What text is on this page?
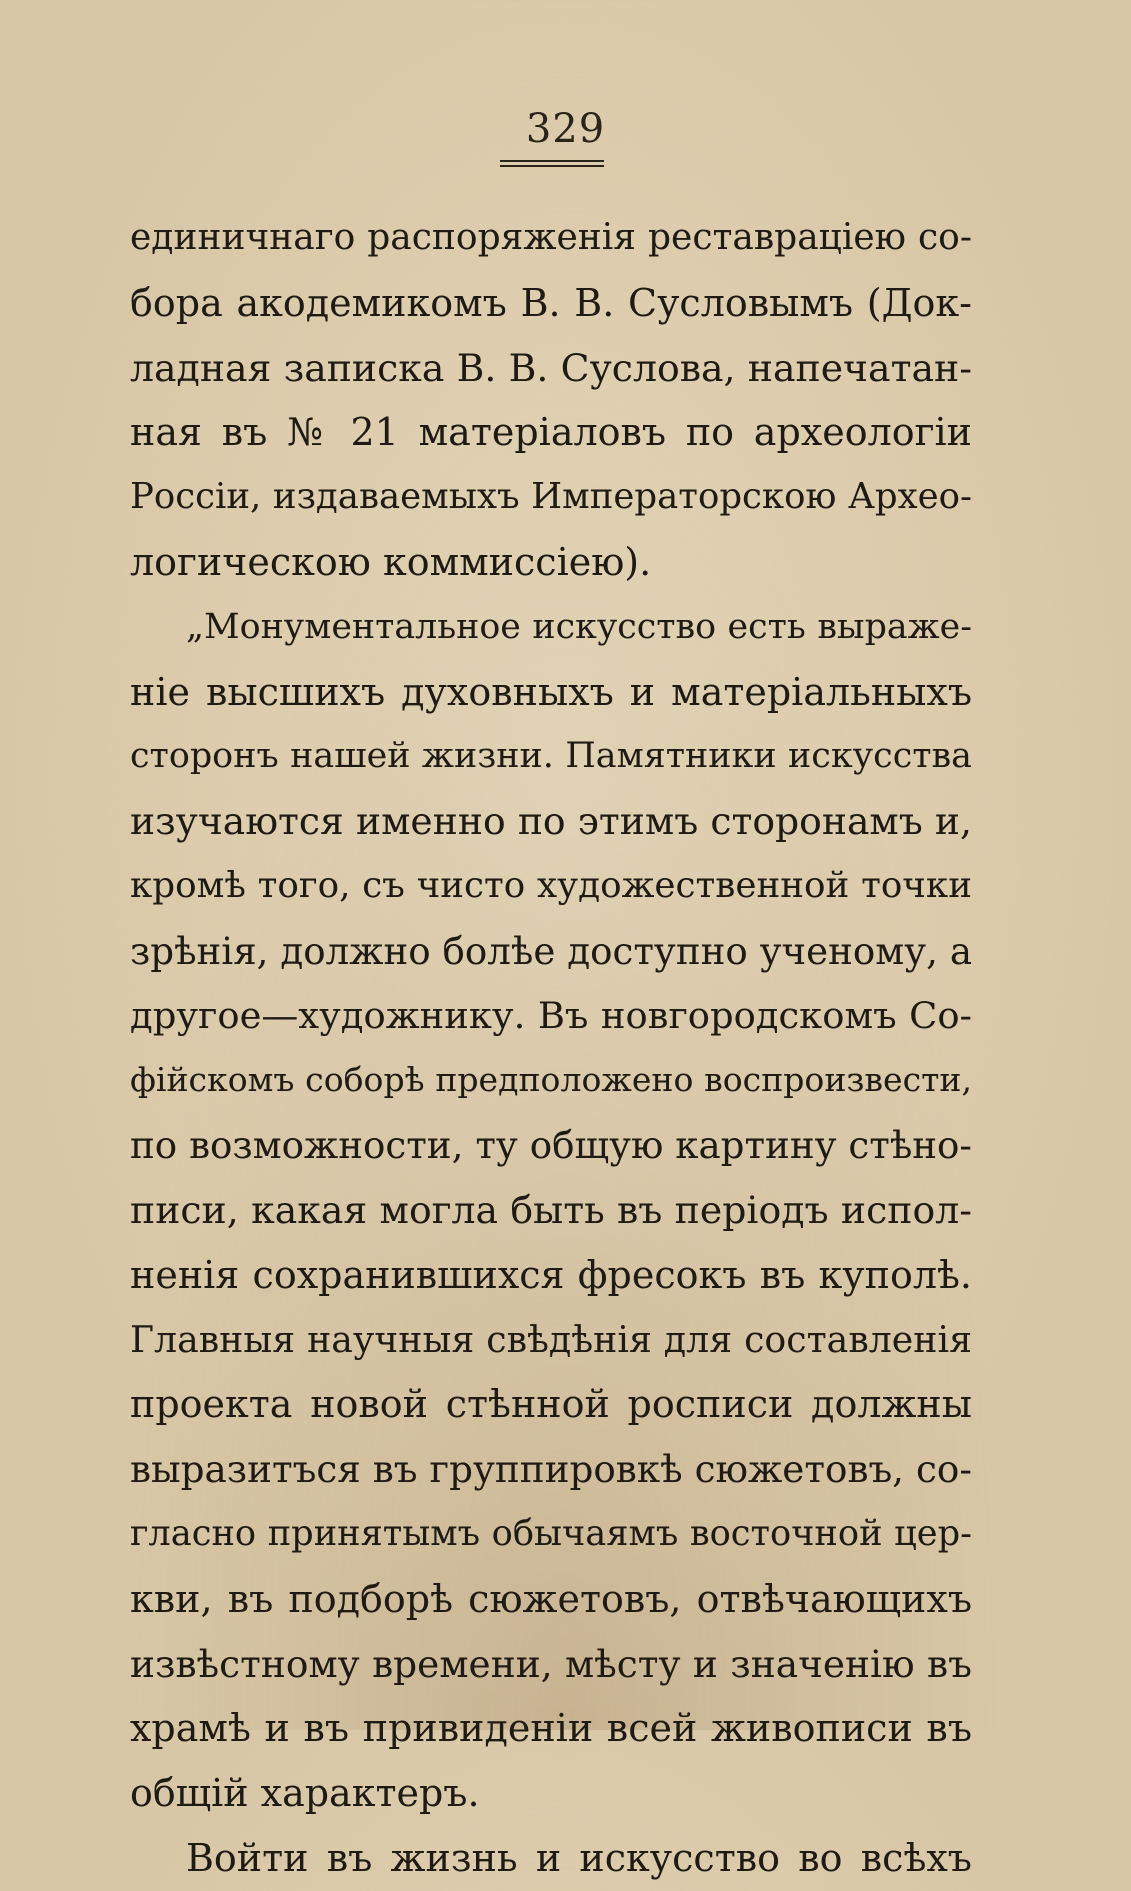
329
единичнаго распоряженія реставраціею со-
бора акодемикомъ В. В. Сусловымъ (Док-
ладная записка В. В. Суслова, напечатан-
ная въ № 21 матеріаловъ по археологіи
Россіи, издаваемыхъ Императорскою Архео-
логическою коммиссіею).
„Монументальное искусство есть выраже-
ніе высшихъ духовныхъ и матеріальныхъ
сторонъ нашей жизни. Памятники искусства
изучаются именно по этимъ сторонамъ и,
кромѣ того, съ чисто художественной точки
зрѣнія, должно болѣе доступно ученому, а
другое—художнику. Въ новгородскомъ Со-
фійскомъ соборѣ предположено воспроизвести,
по возможности, ту общую картину стѣно-
писи, какая могла быть въ періодъ испол-
ненія сохранившихся фресокъ въ куполѣ.
Главныя научныя свѣдѣнія для составленія
проекта новой стѣнной росписи должны
выразитъся въ группировкѣ сюжетовъ, со-
гласно принятымъ обычаямъ восточной цер-
кви, въ подборѣ сюжетовъ, отвѣчающихъ
извѣстному времени, мѣсту и значенію въ
храмѣ и въ привиденіи всей живописи въ
общій характеръ.
Войти въ жизнь и искусство во всѣхъ
